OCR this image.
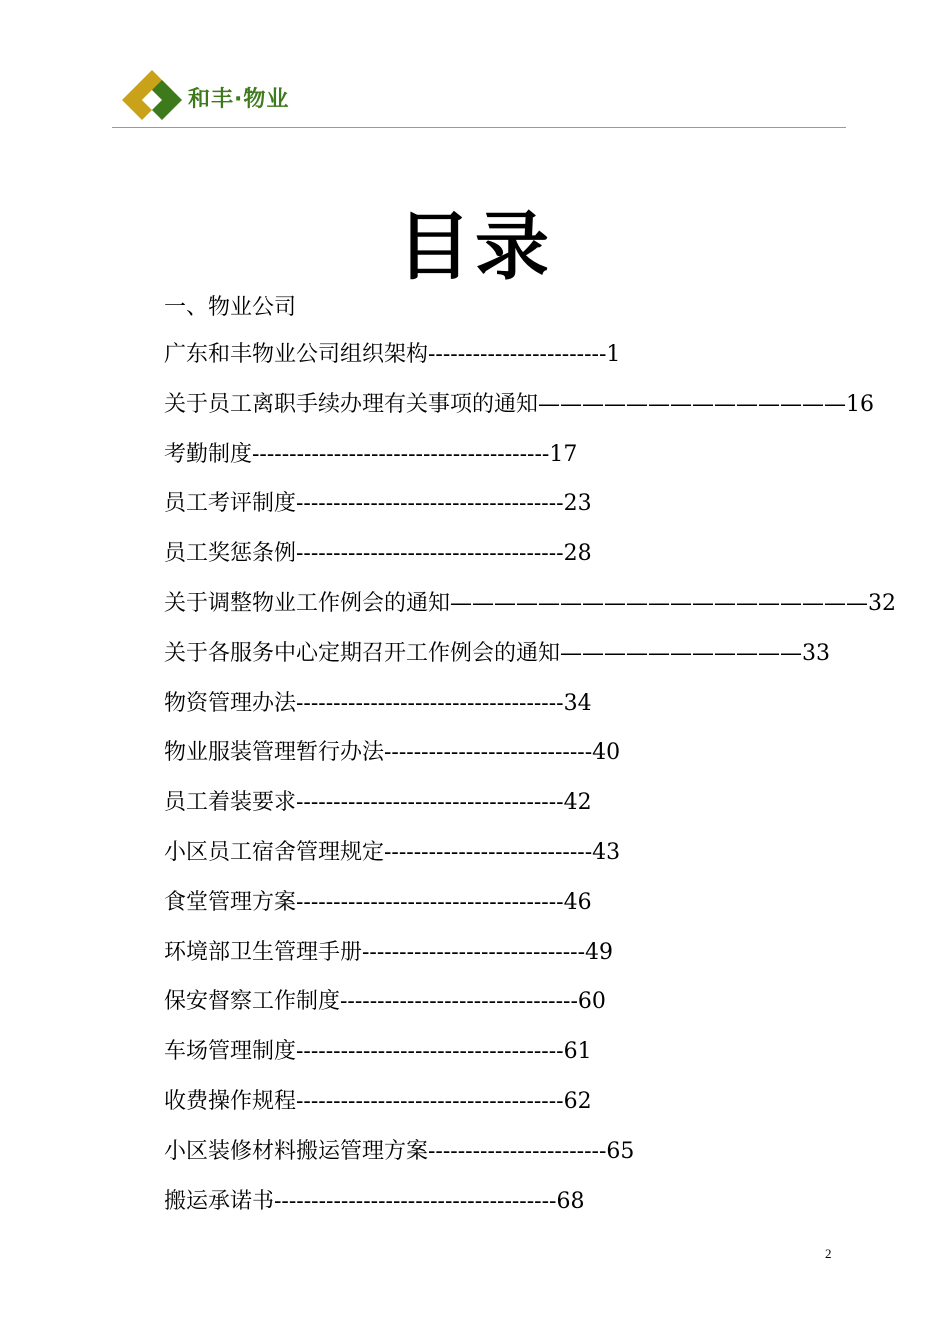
和丰·物业
目录
一、物业公司
广东和丰物业公司组织架构------------------------1
关于员工离职手续办理有关事项的通知——————————————16
考勤制度----------------------------------------17
员工考评制度------------------------------------23
员工奖惩条例------------------------------------28
关于调整物业工作例会的通知———————————————————32
关于各服务中心定期召开工作例会的通知———————————33
物资管理办法------------------------------------34
物业服装管理暂行办法----------------------------40
员工着装要求------------------------------------42
小区员工宿舍管理规定----------------------------43
食堂管理方案------------------------------------46
环境部卫生管理手册------------------------------49
保安督察工作制度--------------------------------60
车场管理制度------------------------------------61
收费操作规程------------------------------------62
小区装修材料搬运管理方案------------------------65
搬运承诺书--------------------------------------68
2
